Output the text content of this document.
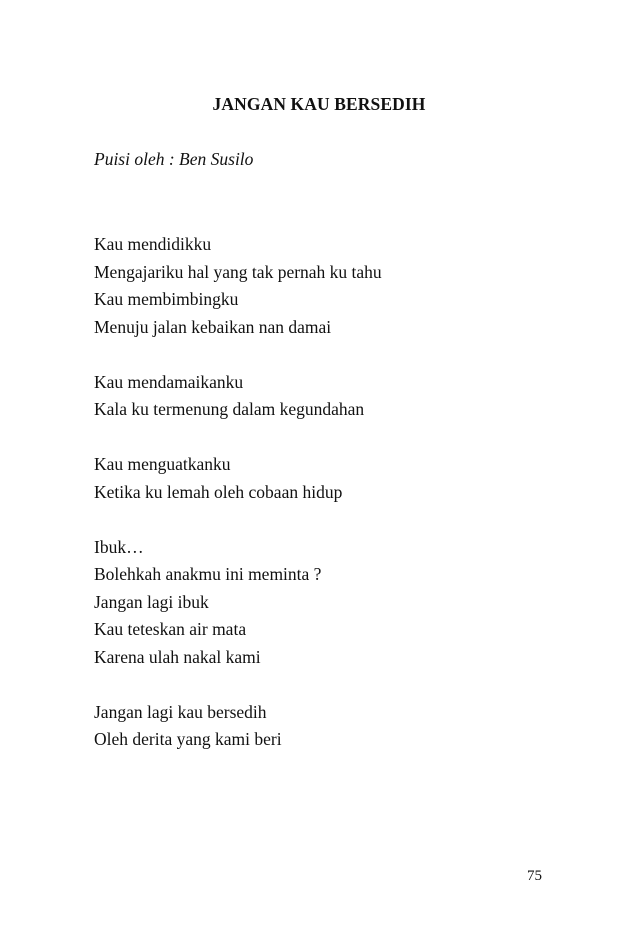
JANGAN KAU BERSEDIH
Puisi oleh : Ben Susilo
Kau mendidikku
Mengajariku hal yang tak pernah ku tahu
Kau membimbingku
Menuju jalan kebaikan nan damai
Kau mendamaikanku
Kala ku termenung dalam kegundahan
Kau menguatkanku
Ketika ku lemah oleh cobaan hidup
Ibuk…
Bolehkah anakmu ini meminta ?
Jangan lagi ibuk
Kau teteskan air mata
Karena ulah nakal kami
Jangan lagi kau bersedih
Oleh derita yang kami beri
75
